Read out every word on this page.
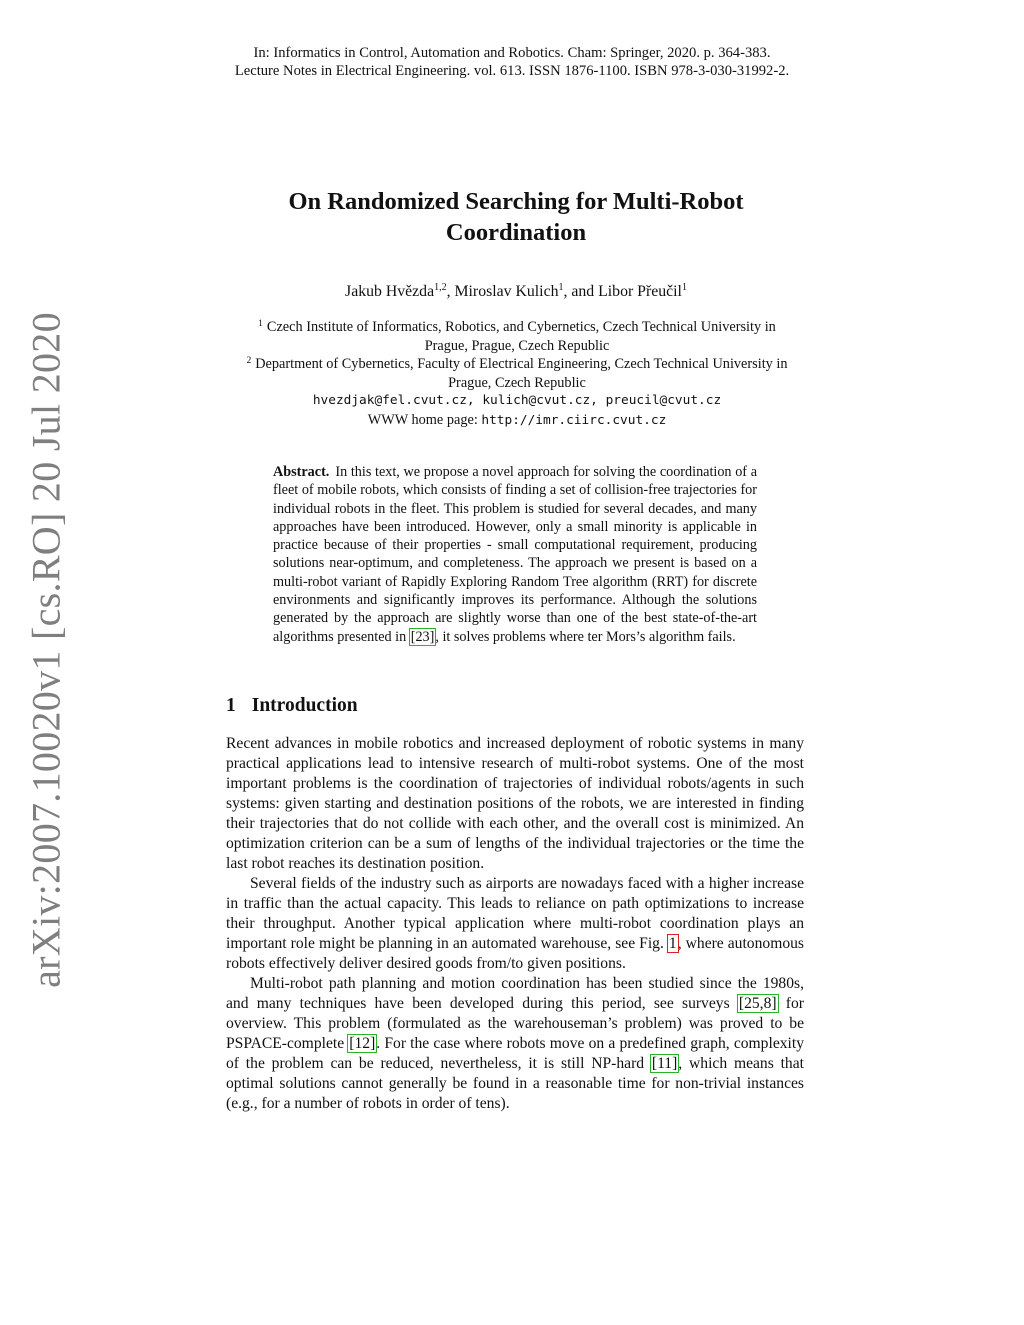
In: Informatics in Control, Automation and Robotics. Cham: Springer, 2020. p. 364-383.
Lecture Notes in Electrical Engineering. vol. 613. ISSN 1876-1100. ISBN 978-3-030-31992-2.
arXiv:2007.10020v1 [cs.RO] 20 Jul 2020
On Randomized Searching for Multi-Robot
Coordination
Jakub Hvězda$^{1,2}$, Miroslav Kulich$^1$, and Libor Přeučil$^1$
$^1$ Czech Institute of Informatics, Robotics, and Cybernetics, Czech Technical University in
Prague, Prague, Czech Republic
$^2$ Department of Cybernetics, Faculty of Electrical Engineering, Czech Technical University in
Prague, Czech Republic
hvezdjak@fel.cvut.cz, kulich@cvut.cz, preucil@cvut.cz
WWW home page: http://imr.ciirc.cvut.cz
Abstract. In this text, we propose a novel approach for solving the coordination of a fleet of mobile robots, which consists of finding a set of collision-free trajectories for individual robots in the fleet. This problem is studied for several decades, and many approaches have been introduced. However, only a small minority is applicable in practice because of their properties - small computational requirement, producing solutions near-optimum, and completeness. The approach we present is based on a multi-robot variant of Rapidly Exploring Random Tree algorithm (RRT) for discrete environments and significantly improves its performance. Although the solutions generated by the approach are slightly worse than one of the best state-of-the-art algorithms presented in [23], it solves problems where ter Mors’s algorithm fails.
1 Introduction

Recent advances in mobile robotics and increased deployment of robotic systems in many practical applications lead to intensive research of multi-robot systems. One of the most important problems is the coordination of trajectories of individual robots/agents in such systems: given starting and destination positions of the robots, we are interested in finding their trajectories that do not collide with each other, and the overall cost is minimized. An optimization criterion can be a sum of lengths of the individual trajectories or the time the last robot reaches its destination position.

Several fields of the industry such as airports are nowadays faced with a higher increase in traffic than the actual capacity. This leads to reliance on path optimizations to increase their throughput. Another typical application where multi-robot coordination plays an important role might be planning in an automated warehouse, see Fig. 1, where autonomous robots effectively deliver desired goods from/to given positions.

Multi-robot path planning and motion coordination has been studied since the 1980s, and many techniques have been developed during this period, see surveys [25,8] for overview. This problem (formulated as the warehouseman’s problem) was proved to be PSPACE-complete [12]. For the case where robots move on a predefined graph, complexity of the problem can be reduced, nevertheless, it is still NP-hard [11], which means that optimal solutions cannot generally be found in a reasonable time for non-trivial instances (e.g., for a number of robots in order of tens).
